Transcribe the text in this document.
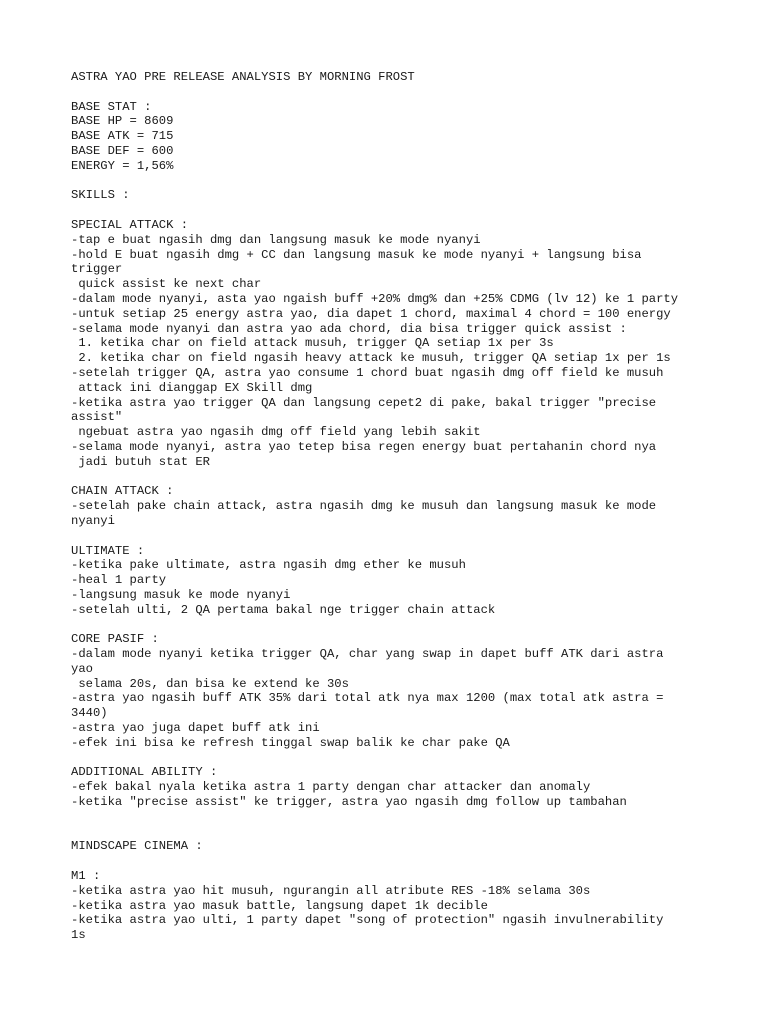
ASTRA YAO PRE RELEASE ANALYSIS BY MORNING FROST
BASE STAT :
BASE HP = 8609
BASE ATK = 715
BASE DEF = 600
ENERGY = 1,56%
SKILLS :
SPECIAL ATTACK :
-tap e buat ngasih dmg dan langsung masuk ke mode nyanyi
-hold E buat ngasih dmg + CC dan langsung masuk ke mode nyanyi + langsung bisa
trigger
quick assist ke next char
-dalam mode nyanyi, asta yao ngaish buff +20% dmg% dan +25% CDMG (lv 12) ke 1 party
-untuk setiap 25 energy astra yao, dia dapet 1 chord, maximal 4 chord = 100 energy
-selama mode nyanyi dan astra yao ada chord, dia bisa trigger quick assist :
1. ketika char on field attack musuh, trigger QA setiap 1x per 3s
2. ketika char on field ngasih heavy attack ke musuh, trigger QA setiap 1x per 1s
-setelah trigger QA, astra yao consume 1 chord buat ngasih dmg off field ke musuh
attack ini dianggap EX Skill dmg
-ketika astra yao trigger QA dan langsung cepet2 di pake, bakal trigger "precise
assist"
ngebuat astra yao ngasih dmg off field yang lebih sakit
-selama mode nyanyi, astra yao tetep bisa regen energy buat pertahanin chord nya
jadi butuh stat ER
CHAIN ATTACK :
-setelah pake chain attack, astra ngasih dmg ke musuh dan langsung masuk ke mode
nyanyi
ULTIMATE :
-ketika pake ultimate, astra ngasih dmg ether ke musuh
-heal 1 party
-langsung masuk ke mode nyanyi
-setelah ulti, 2 QA pertama bakal nge trigger chain attack
CORE PASIF :
-dalam mode nyanyi ketika trigger QA, char yang swap in dapet buff ATK dari astra
yao
selama 20s, dan bisa ke extend ke 30s
-astra yao ngasih buff ATK 35% dari total atk nya max 1200 (max total atk astra =
3440)
-astra yao juga dapet buff atk ini
-efek ini bisa ke refresh tinggal swap balik ke char pake QA
ADDITIONAL ABILITY :
-efek bakal nyala ketika astra 1 party dengan char attacker dan anomaly
-ketika "precise assist" ke trigger, astra yao ngasih dmg follow up tambahan
MINDSCAPE CINEMA :
M1 :
-ketika astra yao hit musuh, ngurangin all atribute RES -18% selama 30s
-ketika astra yao masuk battle, langsung dapet 1k decible
-ketika astra yao ulti, 1 party dapet "song of protection" ngasih invulnerability
1s
